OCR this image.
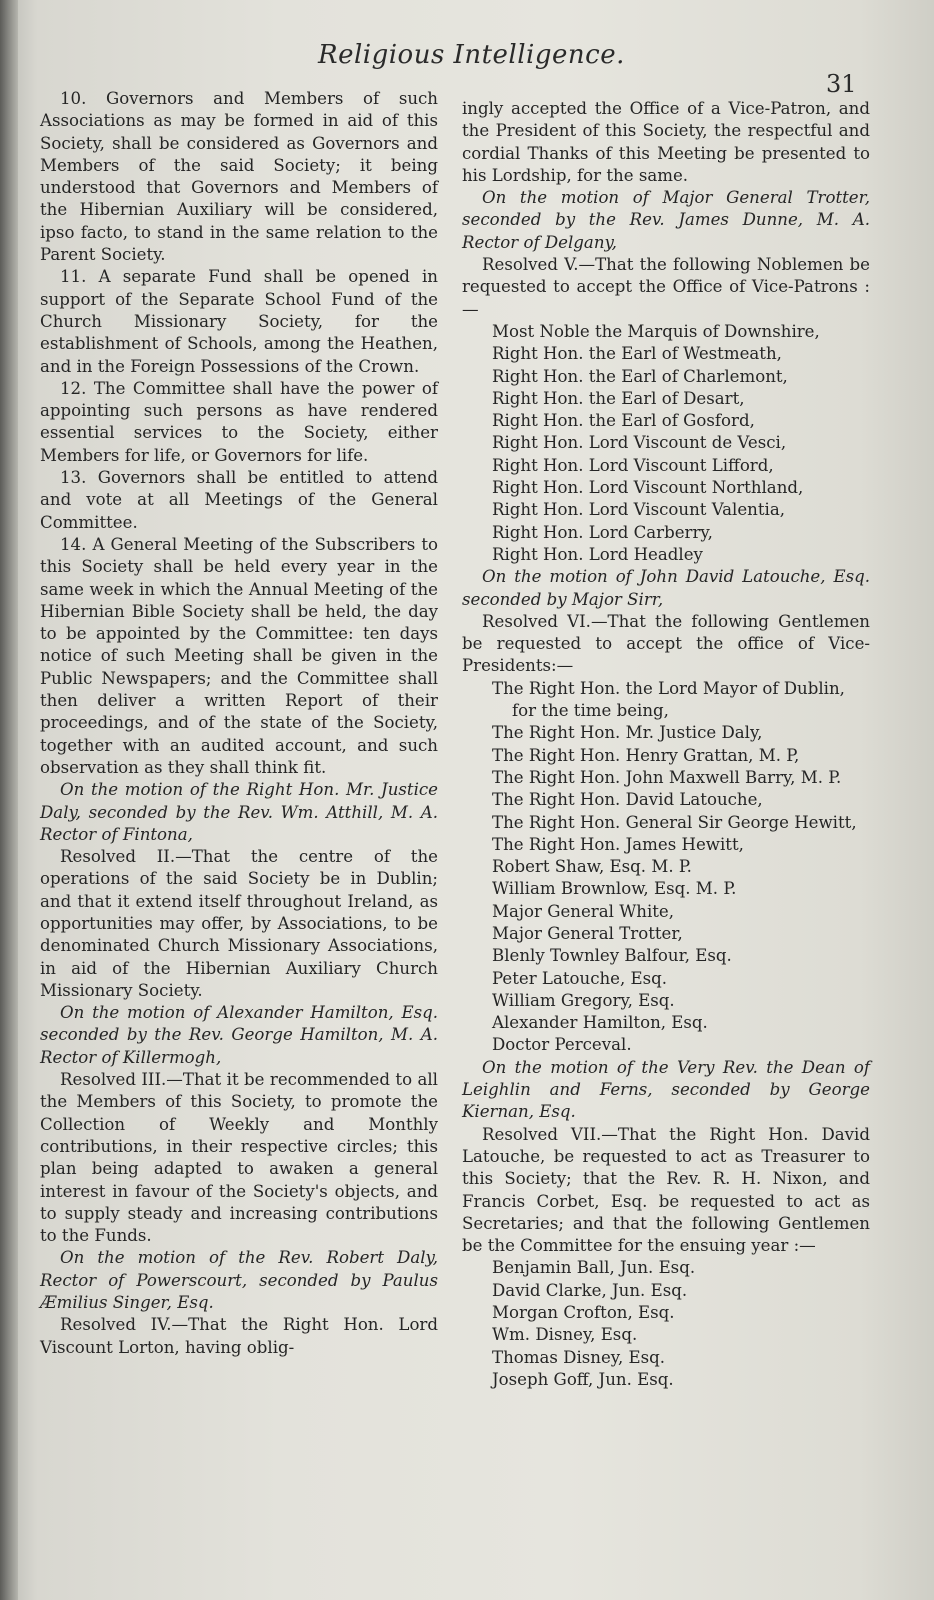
Religious Intelligence.
31

10. Governors and Members of such Associations as may be formed in aid of this Society, shall be considered as Governors and Members of the said Society; it being understood that Governors and Members of the Hibernian Auxiliary will be considered, ipso facto, to stand in the same relation to the Parent Society.

11. A separate Fund shall be opened in support of the Separate School Fund of the Church Missionary Society, for the establishment of Schools, among the Heathen, and in the Foreign Possessions of the Crown.

12. The Committee shall have the power of appointing such persons as have rendered essential services to the Society, either Members for life, or Governors for life.

13. Governors shall be entitled to attend and vote at all Meetings of the General Committee.

14. A General Meeting of the Subscribers to this Society shall be held every year in the same week in which the Annual Meeting of the Hibernian Bible Society shall be held, the day to be appointed by the Committee: ten days notice of such Meeting shall be given in the Public Newspapers; and the Committee shall then deliver a written Report of their proceedings, and of the state of the Society, together with an audited account, and such observation as they shall think fit.

On the motion of the Right Hon. Mr. Justice Daly, seconded by the Rev. Wm. Atthill, M. A. Rector of Fintona,

Resolved II.—That the centre of the operations of the said Society be in Dublin; and that it extend itself throughout Ireland, as opportunities may offer, by Associations, to be denominated Church Missionary Associations, in aid of the Hibernian Auxiliary Church Missionary Society.

On the motion of Alexander Hamilton, Esq. seconded by the Rev. George Hamilton, M. A. Rector of Killermogh,

Resolved III.—That it be recommended to all the Members of this Society, to promote the Collection of Weekly and Monthly contributions, in their respective circles; this plan being adapted to awaken a general interest in favour of the Society's objects, and to supply steady and increasing contributions to the Funds.

On the motion of the Rev. Robert Daly, Rector of Powerscourt, seconded by Paulus Æmilius Singer, Esq.

Resolved IV.—That the Right Hon. Lord Viscount Lorton, having oblig-

ingly accepted the Office of a Vice-Patron, and the President of this Society, the respectful and cordial Thanks of this Meeting be presented to his Lordship, for the same.

On the motion of Major General Trotter, seconded by the Rev. James Dunne, M. A. Rector of Delgany,

Resolved V.—That the following Noblemen be requested to accept the Office of Vice-Patrons :—

Most Noble the Marquis of Downshire,
Right Hon. the Earl of Westmeath,
Right Hon. the Earl of Charlemont,
Right Hon. the Earl of Desart,
Right Hon. the Earl of Gosford,
Right Hon. Lord Viscount de Vesci,
Right Hon. Lord Viscount Lifford,
Right Hon. Lord Viscount Northland,
Right Hon. Lord Viscount Valentia,
Right Hon. Lord Carberry,
Right Hon. Lord Headley

On the motion of John David Latouche, Esq. seconded by Major Sirr,

Resolved VI.—That the following Gentlemen be requested to accept the office of Vice-Presidents:—

The Right Hon. the Lord Mayor of Dublin, for the time being,
The Right Hon. Mr. Justice Daly,
The Right Hon. Henry Grattan, M. P,
The Right Hon. John Maxwell Barry, M. P.
The Right Hon. David Latouche,
The Right Hon. General Sir George Hewitt,
The Right Hon. James Hewitt,
Robert Shaw, Esq. M. P.
William Brownlow, Esq. M. P.
Major General White,
Major General Trotter,
Blenly Townley Balfour, Esq.
Peter Latouche, Esq.
William Gregory, Esq.
Alexander Hamilton, Esq.
Doctor Perceval.

On the motion of the Very Rev. the Dean of Leighlin and Ferns, seconded by George Kiernan, Esq.

Resolved VII.—That the Right Hon. David Latouche, be requested to act as Treasurer to this Society; that the Rev. R. H. Nixon, and Francis Corbet, Esq. be requested to act as Secretaries; and that the following Gentlemen be the Committee for the ensuing year :—

Benjamin Ball, Jun. Esq.
David Clarke, Jun. Esq.
Morgan Crofton, Esq.
Wm. Disney, Esq.
Thomas Disney, Esq.
Joseph Goff, Jun. Esq.
